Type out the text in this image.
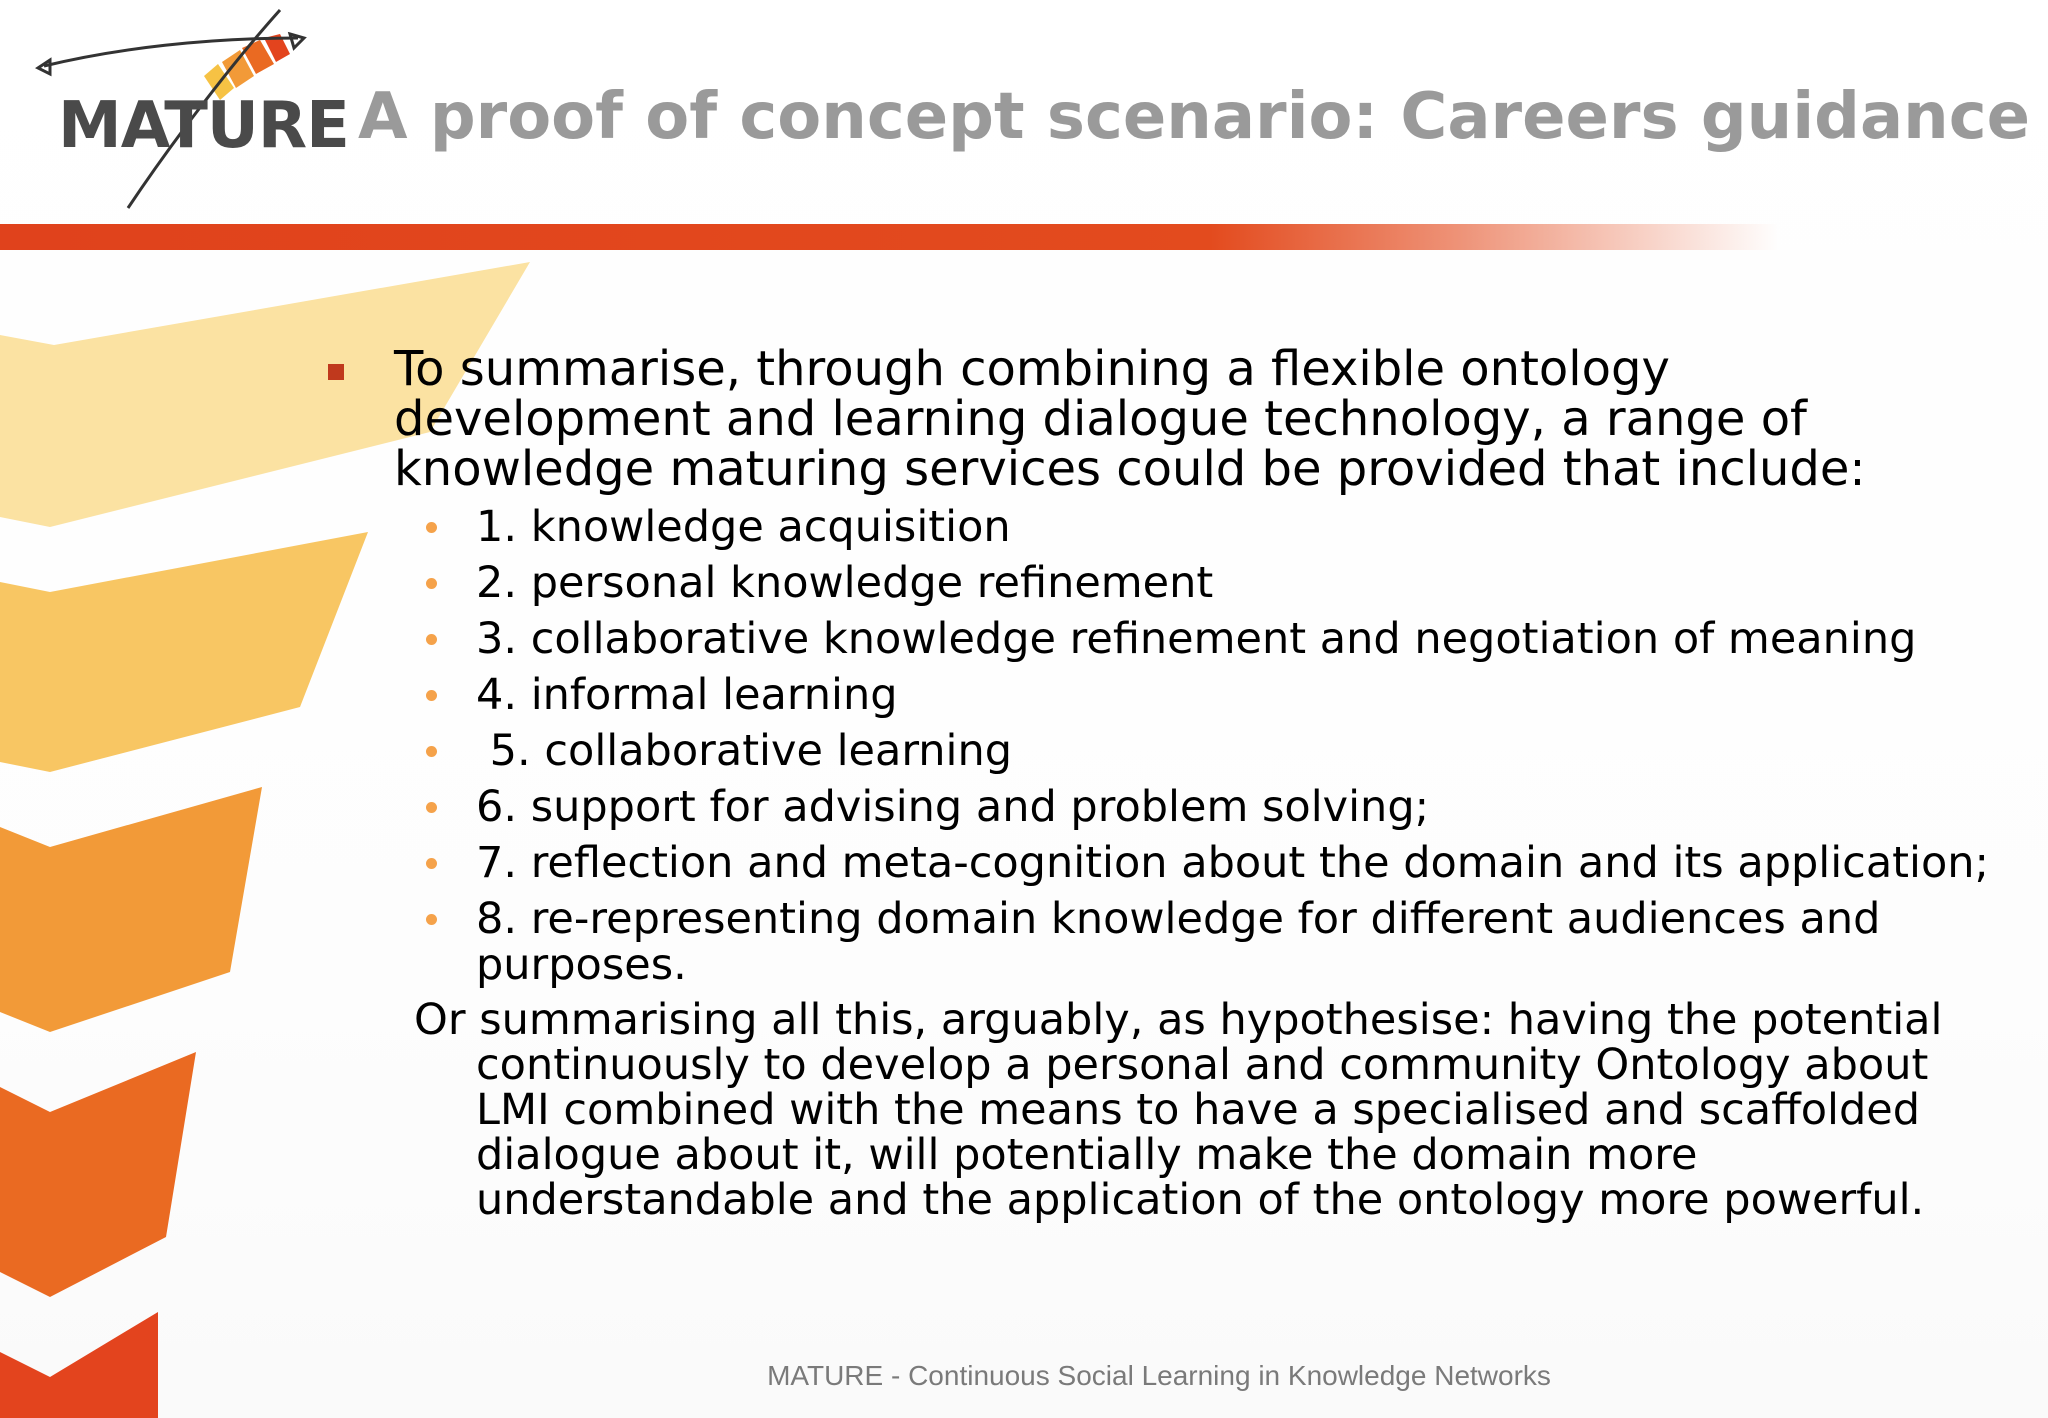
MATURE A proof of concept scenario: Careers guidance
To summarise, through combining a flexible ontology development and learning dialogue technology, a range of knowledge maturing services could be provided that include:
1. knowledge acquisition
2. personal knowledge refinement
3. collaborative knowledge refinement and negotiation of meaning
4. informal learning
5. collaborative learning
6. support for advising and problem solving;
7. reflection and meta-cognition about the domain and its application;
8. re-representing domain knowledge for different audiences and purposes.
Or summarising all this, arguably, as hypothesise: having the potential continuously to develop a personal and community Ontology about LMI combined with the means to have a specialised and scaffolded dialogue about it, will potentially make the domain more understandable and the application of the ontology more powerful.
MATURE - Continuous Social Learning in Knowledge Networks
